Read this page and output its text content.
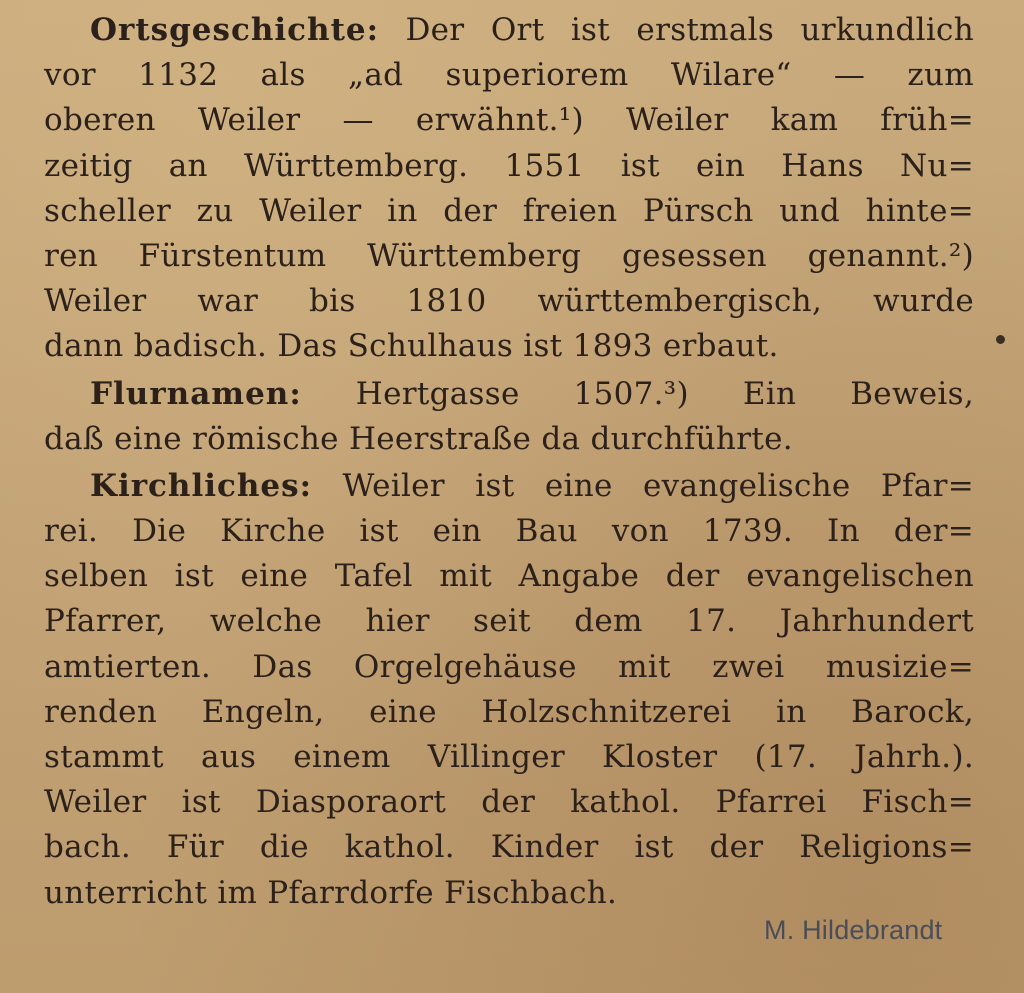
Ortsgeschichte: Der Ort ist erstmals urkundlich
vor 1132 als „ad superiorem Wilare“ — zum
oberen Weiler — erwähnt.¹) Weiler kam früh=
zeitig an Württemberg. 1551 ist ein Hans Nu=
scheller zu Weiler in der freien Pürsch und hinte=
ren Fürstentum Württemberg gesessen genannt.²)
Weiler war bis 1810 württembergisch, wurde
dann badisch. Das Schulhaus ist 1893 erbaut.
Flurnamen: Hertgasse 1507.³) Ein Beweis,
daß eine römische Heerstraße da durchführte.
Kirchliches: Weiler ist eine evangelische Pfar=
rei. Die Kirche ist ein Bau von 1739. In der=
selben ist eine Tafel mit Angabe der evangelischen
Pfarrer, welche hier seit dem 17. Jahrhundert
amtierten. Das Orgelgehäuse mit zwei musizie=
renden Engeln, eine Holzschnitzerei in Barock,
stammt aus einem Villinger Kloster (17. Jahrh.).
Weiler ist Diasporaort der kathol. Pfarrei Fisch=
bach. Für die kathol. Kinder ist der Religions=
unterricht im Pfarrdorfe Fischbach.
M. Hildebrandt
